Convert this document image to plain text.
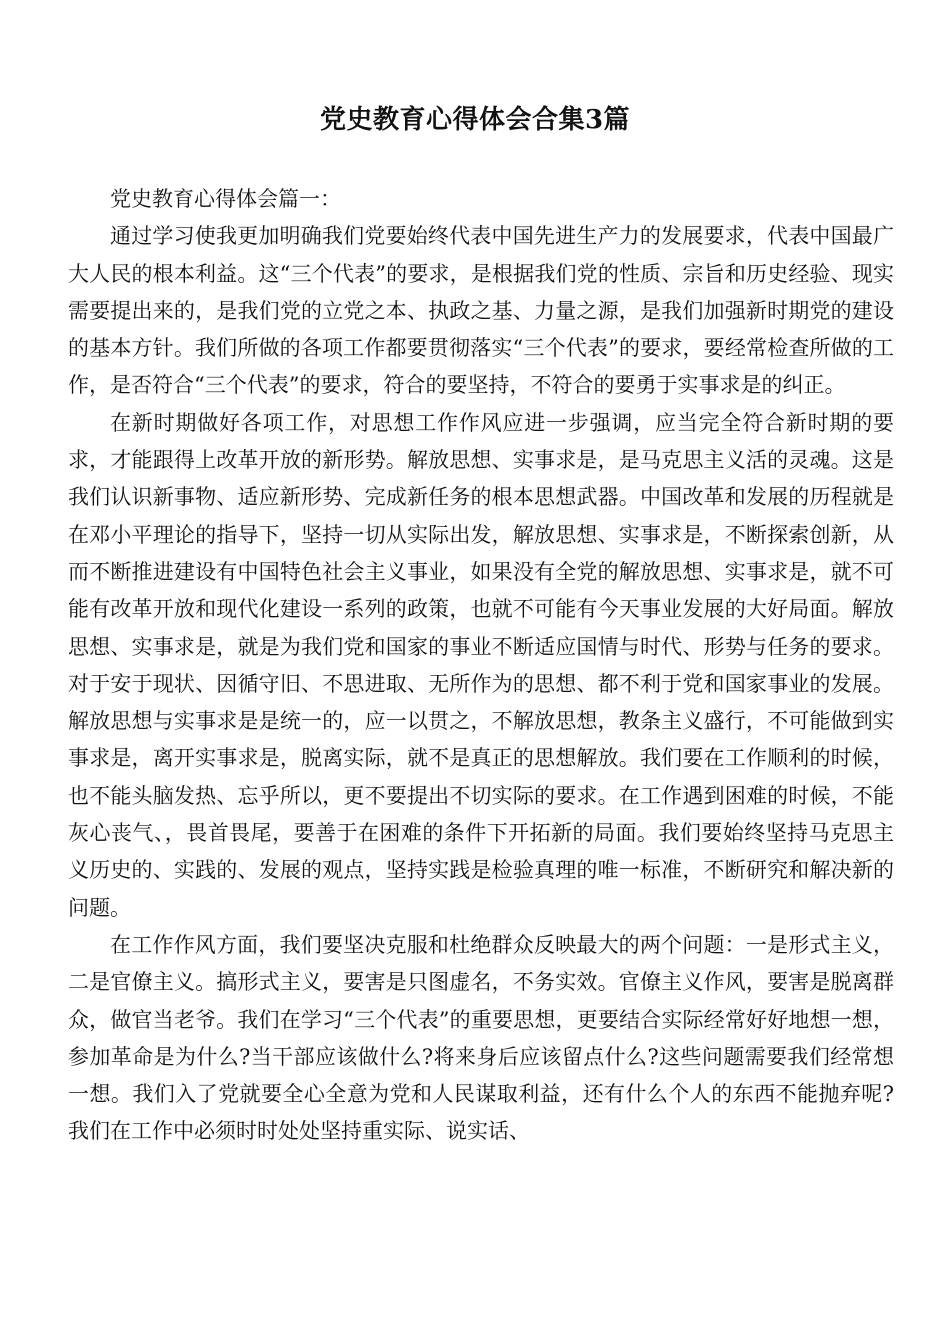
党史教育心得体会合集3篇

党史教育心得体会篇一：

通过学习使我更加明确我们党要始终代表中国先进生产力的发展要求，代表中国最广大人民的根本利益。这“三个代表”的要求，是根据我们党的性质、宗旨和历史经验、现实需要提出来的，是我们党的立党之本、执政之基、力量之源，是我们加强新时期党的建设的基本方针。我们所做的各项工作都要贯彻落实“三个代表”的要求，要经常检查所做的工作，是否符合“三个代表”的要求，符合的要坚持，不符合的要勇于实事求是的纠正。

在新时期做好各项工作，对思想工作作风应进一步强调，应当完全符合新时期的要求，才能跟得上改革开放的新形势。解放思想、实事求是，是马克思主义活的灵魂。这是我们认识新事物、适应新形势、完成新任务的根本思想武器。中国改革和发展的历程就是在邓小平理论的指导下，坚持一切从实际出发，解放思想、实事求是，不断探索创新，从而不断推进建设有中国特色社会主义事业，如果没有全党的解放思想、实事求是，就不可能有改革开放和现代化建设一系列的政策，也就不可能有今天事业发展的大好局面。解放思想、实事求是，就是为我们党和国家的事业不断适应国情与时代、形势与任务的要求。对于安于现状、因循守旧、不思进取、无所作为的思想、都不利于党和国家事业的发展。解放思想与实事求是是统一的，应一以贯之，不解放思想，教条主义盛行，不可能做到实事求是，离开实事求是，脱离实际，就不是真正的思想解放。我们要在工作顺利的时候，也不能头脑发热、忘乎所以，更不要提出不切实际的要求。在工作遇到困难的时候，不能灰心丧气、，畏首畏尾，要善于在困难的条件下开拓新的局面。我们要始终坚持马克思主义历史的、实践的、发展的观点，坚持实践是检验真理的唯一标准，不断研究和解决新的问题。

在工作作风方面，我们要坚决克服和杜绝群众反映最大的两个问题：一是形式主义，二是官僚主义。搞形式主义，要害是只图虚名，不务实效。官僚主义作风，要害是脱离群众，做官当老爷。我们在学习“三个代表”的重要思想，更要结合实际经常好好地想一想，参加革命是为什么?当干部应该做什么?将来身后应该留点什么?这些问题需要我们经常想一想。我们入了党就要全心全意为党和人民谋取利益，还有什么个人的东西不能抛弃呢?我们在工作中必须时时处处坚持重实际、说实话、
